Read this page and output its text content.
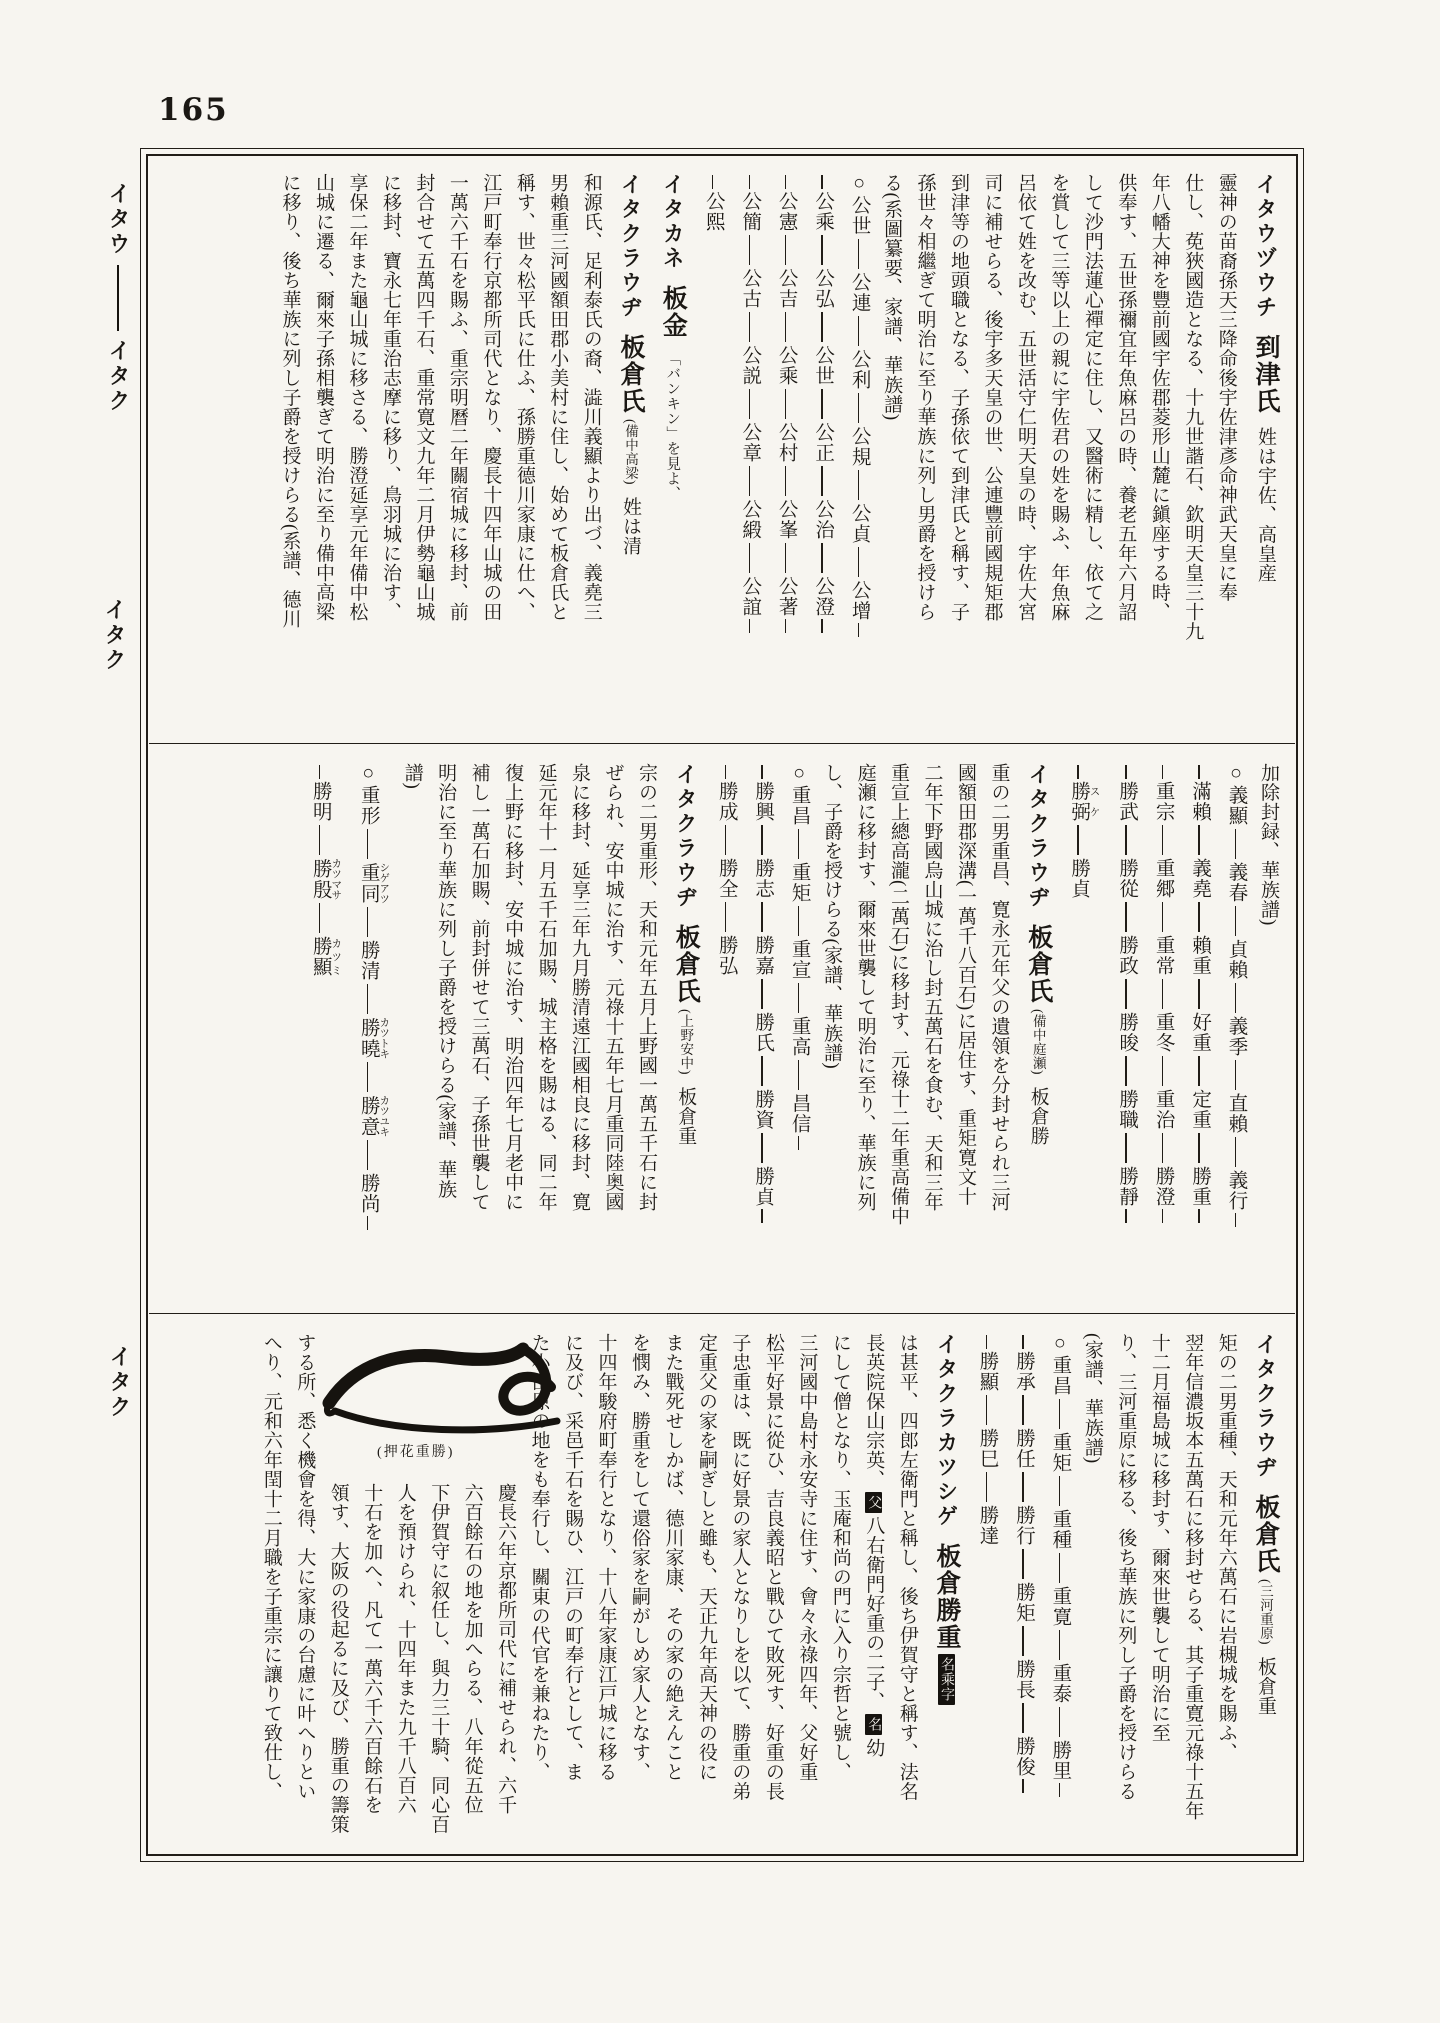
165
イタウイタク
イタク
イタク
イタウヅウチ到津氏姓は宇佐、高皇産
靈神の苗裔孫天三降命後宇佐津彥命神武天皇に奉
仕し、莬狹國造となる、十九世諧石、欽明天皇三十九
年八幡大神を豐前國宇佐郡菱形山麓に鎭座する時、
供奉す、五世孫禰宜年魚麻呂の時、養老五年六月詔
して沙門法蓮心禪定に住し、又醫術に精し、依て之
を賞して三等以上の親に宇佐君の姓を賜ふ、年魚麻
呂依て姓を改む、五世活守仁明天皇の時、宇佐大宮
司に補せらる、後宇多天皇の世、公連豐前國規矩郡
到津等の地頭職となる、子孫依て到津氏と稱す、子
孫世々相繼ぎて明治に至り華族に列し男爵を授けら
る(系圖纂要、家譜、華族譜)
○公世公連公利公規公貞公增
公乘公弘公世公正公治公澄
公憲公吉公乘公村公峯公著
公簡公古公説公章公緞公誼
公熙
イタカネ板金「バンキン」を見よ、
イタクラウヂ板倉氏(備中高梁)姓は清
和源氏、足利泰氏の裔、澁川義顯より出づ、義堯三
男賴重三河國額田郡小美村に住し、始めて板倉氏と
稱す、世々松平氏に仕ふ、孫勝重德川家康に仕へ、
江戸町奉行京都所司代となり、慶長十四年山城の田
一萬六千石を賜ふ、重宗明曆二年關宿城に移封、前
封合せて五萬四千石、重常寛文九年二月伊勢龜山城
に移封、寶永七年重治志摩に移り、鳥羽城に治す、
享保二年また龜山城に移さる、勝澄延享元年備中松
山城に遷る、爾來子孫相襲ぎて明治に至り備中高梁
に移り、後ち華族に列し子爵を授けらる(系譜、德川
加除封録、華族譜)
○義顯義春貞賴義季直賴義行
滿賴義堯賴重好重定重勝重
重宗重郷重常重冬重治勝澄
勝武勝從勝政勝晙勝職勝靜
勝弼 スケ勝貞
イタクラウヂ板倉氏(備中庭瀬)板倉勝
重の二男重昌、寛永元年父の遺領を分封せられ三河
國額田郡深溝(一萬千八百石)に居住す、重矩寛文十
二年下野國烏山城に治し封五萬石を食む、天和三年
重宣上總高瀧(二萬石)に移封す、元祿十二年重高備中
庭瀬に移封す、爾來世襲して明治に至り、華族に列
し、子爵を授けらる(家譜、華族譜)
○重昌重矩重宣重高昌信
勝興勝志勝嘉勝氏勝資勝貞
勝成勝全勝弘
イタクラウヂ板倉氏(上野安中)板倉重
宗の二男重形、天和元年五月上野國一萬五千石に封
ぜられ、安中城に治す、元祿十五年七月重同陸奥國
泉に移封、延享三年九月勝清遠江國相良に移封、寛
延元年十一月五千石加賜、城主格を賜はる、同二年
復上野に移封、安中城に治す、明治四年七月老中に
補し一萬石加賜、前封併せて三萬石、子孫世襲して
明治に至り華族に列し子爵を授けらる(家譜、華族
譜)
○重形重同 シゲアツ勝清勝曉 カツトキ勝意 カツユキ勝尚
勝明勝殷 カツマサ勝顯 カツミ
イタクラウヂ板倉氏(三河重原)板倉重
矩の二男重種、天和元年六萬石に岩槻城を賜ふ、
翌年信濃坂本五萬石に移封せらる、其子重寛元祿十五年
十二月福島城に移封す、爾來世襲して明治に至
り、三河重原に移る、後ち華族に列し子爵を授けらる
(家譜、華族譜)
○重昌重矩重種重寛重泰勝里
勝承勝任勝行勝矩勝長勝俊
勝顯勝巳勝達
イタクラカツシゲ板倉勝重名乘字
は甚平、四郎左衛門と稱し、後ち伊賀守と稱す、法名
長英院保山宗英、父八右衛門好重の二子、名幼
にして僧となり、玉庵和尚の門に入り宗哲と號し、
三河國中島村永安寺に住す、會々永祿四年、父好重
松平好景に從ひ、吉良義昭と戰ひて敗死す、好重の長
子忠重は、既に好景の家人となりしを以て、勝重の弟
定重父の家を嗣ぎしと雖も、天正九年高天神の役に
また戰死せしかば、德川家康、その家の絶えんこと
を憫み、勝重をして還俗家を嗣がしめ家人となす、
十四年駿府町奉行となり、十八年家康江戸城に移る
に及び、采邑千石を賜ひ、江戸の町奉行として、ま
た小田原の地をも奉行し、關東の代官を兼ねたり、
(押花重勝)
慶長六年京都所司代に補せられ、六千
六百餘石の地を加へらる、八年從五位
下伊賀守に叙任し、與力三十騎、同心百
人を預けられ、十四年また九千八百六
十石を加へ、凡て一萬六千六百餘石を
領す、大阪の役起るに及び、勝重の籌策
する所、悉く機會を得、大に家康の台慮に叶へりとい
へり、元和六年閏十二月職を子重宗に讓りて致仕し、
